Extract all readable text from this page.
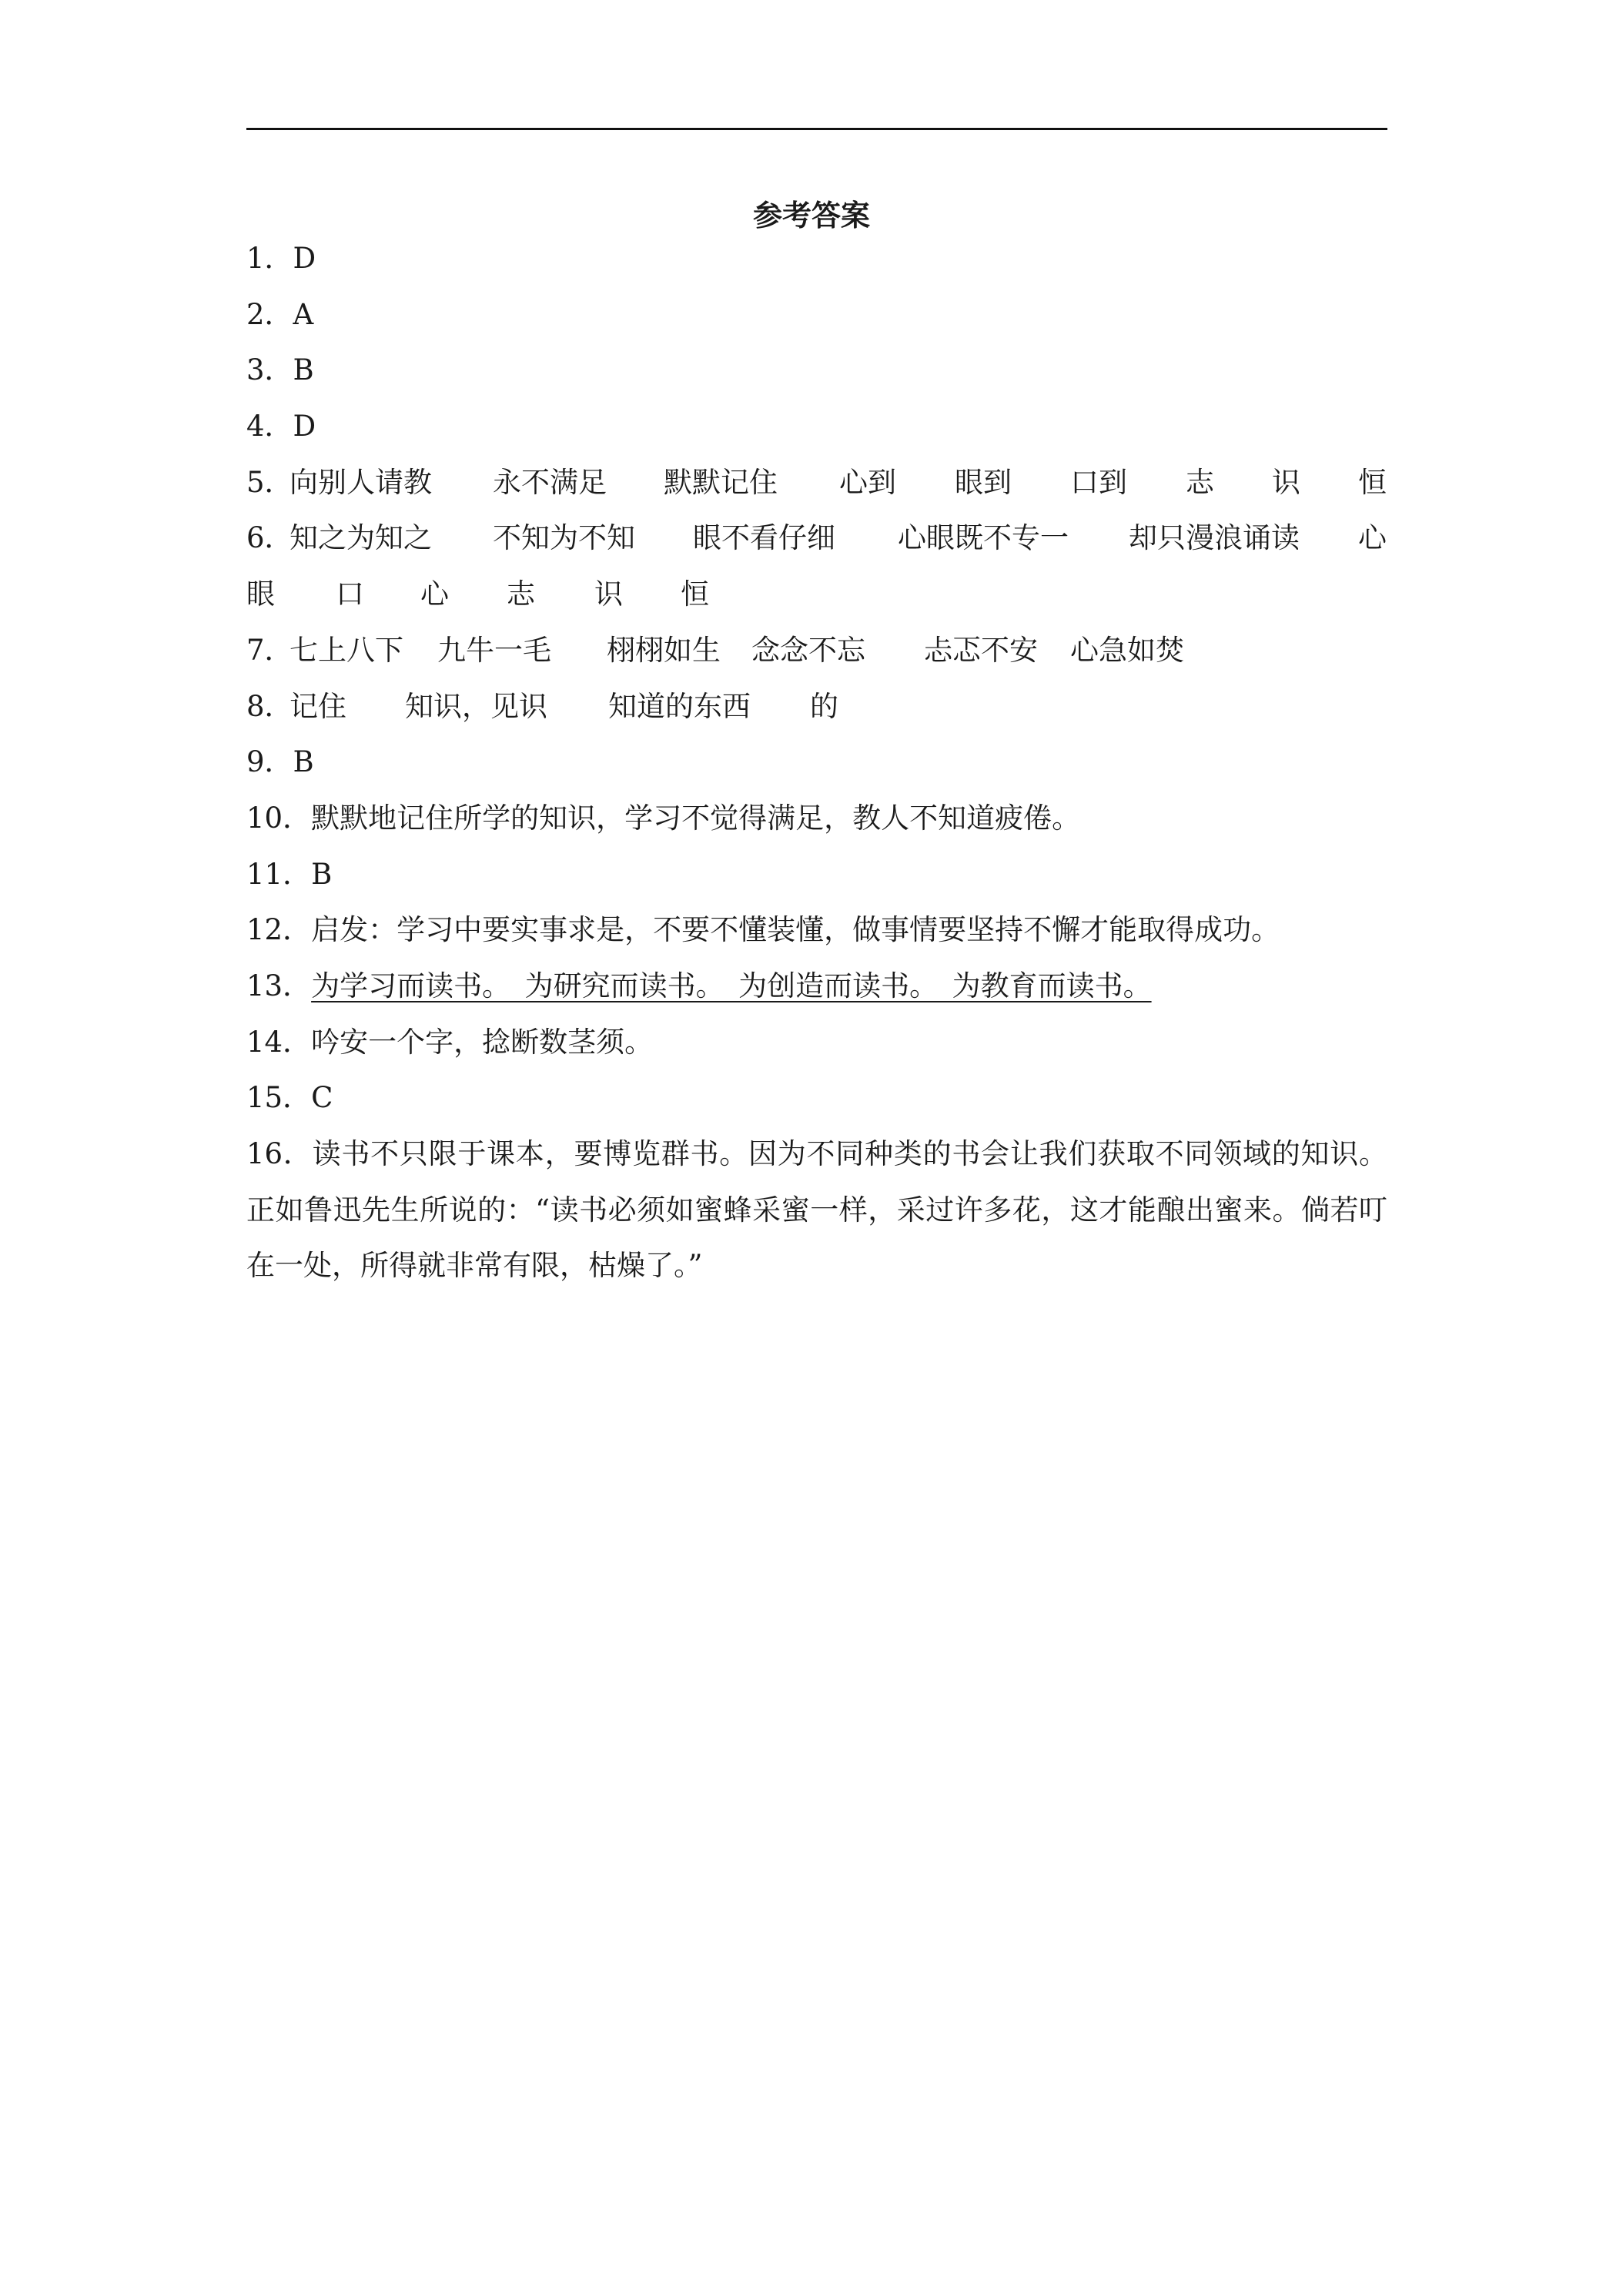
参考答案
1．D
2．A
3．B
4．D
5．
向别人请教 永不满足 默默记住 心到 眼到 口到 志 识 恒
6．
知之为知之 不知为不知 眼不看仔细 心眼既不专一 却只漫浪诵读 心
眼 口 心 志 识 恒
7．
七上八下 九牛一毛 栩栩如生 念念不忘 忐忑不安 心急如焚
8．
记住 知识，见识 知道的东西 的
9．B
10．默默地记住所学的知识，学习不觉得满足，教人不知道疲倦。
11．B
12．启发：学习中要实事求是，不要不懂装懂，做事情要坚持不懈才能取得成功。
13．为学习而读书。　为研究而读书。　为创造而读书。　为教育而读书。
14．吟安一个字，捻断数茎须。
15．C
16．读书不只限于课本，要博览群书。因为不同种类的书会让我们获取不同领域的知识。正如鲁迅先生所说的：“读书必须如蜜蜂采蜜一样，采过许多花，这才能酿出蜜来。倘若叮在一处，所得就非常有限，枯燥了。”
